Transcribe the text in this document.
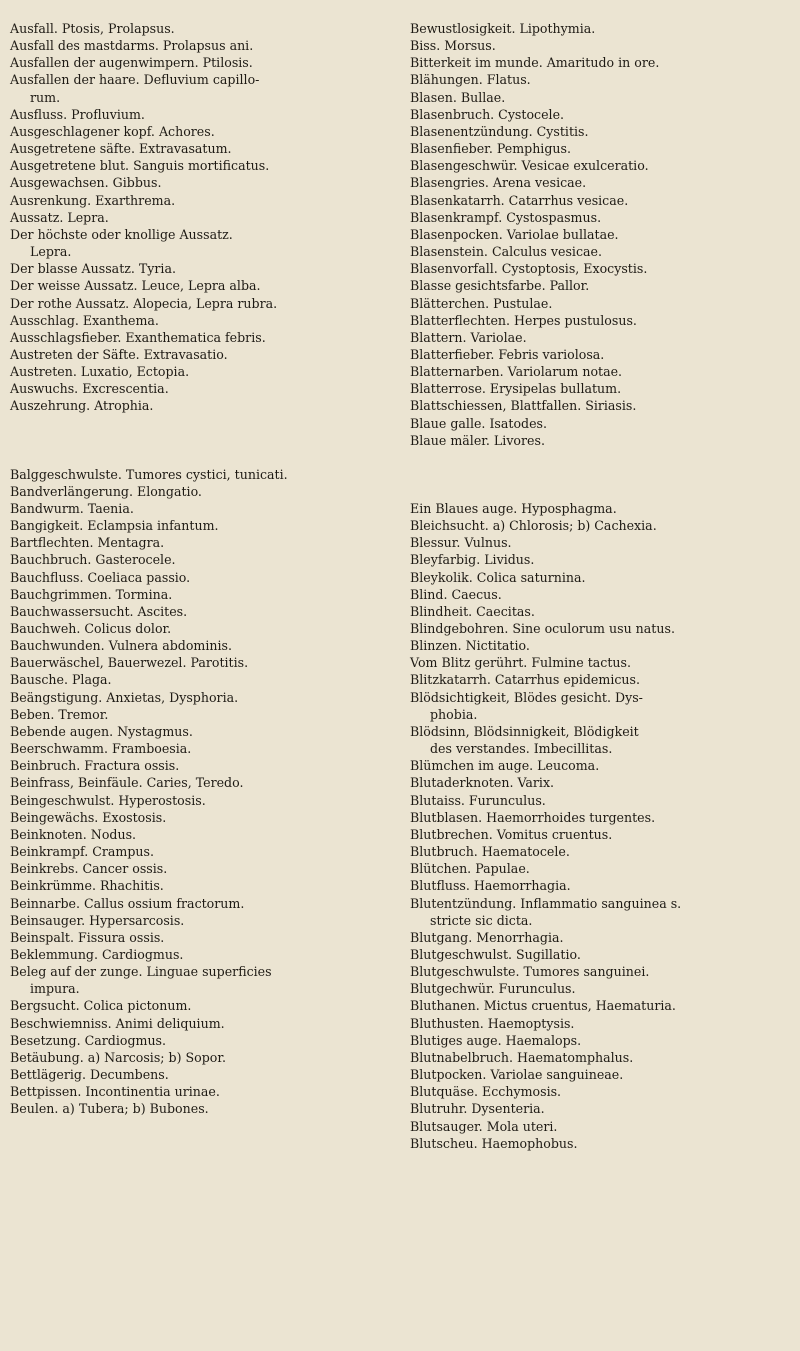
Ausfall. Ptosis, Prolapsus.
Ausfall des mastdarms. Prolapsus ani.
Ausfallen der augenwimpern. Ptilosis.
Ausfallen der haare. Defluvium capillo-
rum.
Ausfluss. Profluvium.
Ausgeschlagener kopf. Achores.
Ausgetretene säfte. Extravasatum.
Ausgetretene blut. Sanguis mortificatus.
Ausgewachsen. Gibbus.
Ausrenkung. Exarthrema.
Aussatz. Lepra.
Der höchste oder knollige Aussatz.
Lepra.
Der blasse Aussatz. Tyria.
Der weisse Aussatz. Leuce, Lepra alba.
Der rothe Aussatz. Alopecia, Lepra rubra.
Ausschlag. Exanthema.
Ausschlagsfieber. Exanthematica febris.
Austreten der Säfte. Extravasatio.
Austreten. Luxatio, Ectopia.
Auswuchs. Excrescentia.
Auszehrung. Atrophia.
Balggeschwulste. Tumores cystici, tunicati.
Bandverlängerung. Elongatio.
Bandwurm. Taenia.
Bangigkeit. Eclampsia infantum.
Bartflechten. Mentagra.
Bauchbruch. Gasterocele.
Bauchfluss. Coeliaca passio.
Bauchgrimmen. Tormina.
Bauchwassersucht. Ascites.
Bauchweh. Colicus dolor.
Bauchwunden. Vulnera abdominis.
Bauerwäschel, Bauerwezel. Parotitis.
Bausche. Plaga.
Beängstigung. Anxietas, Dysphoria.
Beben. Tremor.
Bebende augen. Nystagmus.
Beerschwamm. Framboesia.
Beinbruch. Fractura ossis.
Beinfrass, Beinfäule. Caries, Teredo.
Beingeschwulst. Hyperostosis.
Beingewächs. Exostosis.
Beinknoten. Nodus.
Beinkrampf. Crampus.
Beinkrebs. Cancer ossis.
Beinkrümme. Rhachitis.
Beinnarbe. Callus ossium fractorum.
Beinsauger. Hypersarcosis.
Beinspalt. Fissura ossis.
Beklemmung. Cardiogmus.
Beleg auf der zunge. Linguae superficies
impura.
Bergsucht. Colica pictonum.
Beschwiemniss. Animi deliquium.
Besetzung. Cardiogmus.
Betäubung. a) Narcosis; b) Sopor.
Bettlägerig. Decumbens.
Bettpissen. Incontinentia urinae.
Beulen. a) Tubera; b) Bubones.
Bewustlosigkeit. Lipothymia.
Biss. Morsus.
Bitterkeit im munde. Amaritudo in ore.
Blähungen. Flatus.
Blasen. Bullae.
Blasenbruch. Cystocele.
Blasenentzündung. Cystitis.
Blasenfieber. Pemphigus.
Blasengeschwür. Vesicae exulceratio.
Blasengries. Arena vesicae.
Blasenkatarrh. Catarrhus vesicae.
Blasenkrampf. Cystospasmus.
Blasenpocken. Variolae bullatae.
Blasenstein. Calculus vesicae.
Blasenvorfall. Cystoptosis, Exocystis.
Blasse gesichtsfarbe. Pallor.
Blätterchen. Pustulae.
Blatterflechten. Herpes pustulosus.
Blattern. Variolae.
Blatterfieber. Febris variolosa.
Blatternarben. Variolarum notae.
Blatterrose. Erysipelas bullatum.
Blattschiessen, Blattfallen. Siriasis.
Blaue galle. Isatodes.
Blaue mäler. Livores.
Ein Blaues auge. Hyposphagma.
Bleichsucht. a) Chlorosis; b) Cachexia.
Blessur. Vulnus.
Bleyfarbig. Lividus.
Bleykolik. Colica saturnina.
Blind. Caecus.
Blindheit. Caecitas.
Blindgebohren. Sine oculorum usu natus.
Blinzen. Nictitatio.
Vom Blitz gerührt. Fulmine tactus.
Blitzkatarrh. Catarrhus epidemicus.
Blödsichtigkeit, Blödes gesicht. Dys-
phobia.
Blödsinn, Blödsinnigkeit, Blödigkeit
des verstandes. Imbecillitas.
Blümchen im auge. Leucoma.
Blutaderknoten. Varix.
Blutaiss. Furunculus.
Blutblasen. Haemorrhoides turgentes.
Blutbrechen. Vomitus cruentus.
Blutbruch. Haematocele.
Blütchen. Papulae.
Blutfluss. Haemorrhagia.
Blutentzündung. Inflammatio sanguinea s.
stricte sic dicta.
Blutgang. Menorrhagia.
Blutgeschwulst. Sugillatio.
Blutgeschwulste. Tumores sanguinei.
Blutgechwür. Furunculus.
Bluthanen. Mictus cruentus, Haematuria.
Bluthusten. Haemoptysis.
Blutiges auge. Haemalops.
Blutnabelbruch. Haematomphalus.
Blutpocken. Variolae sanguineae.
Blutquäse. Ecchymosis.
Blutruhr. Dysenteria.
Blutsauger. Mola uteri.
Blutscheu. Haemophobus.
